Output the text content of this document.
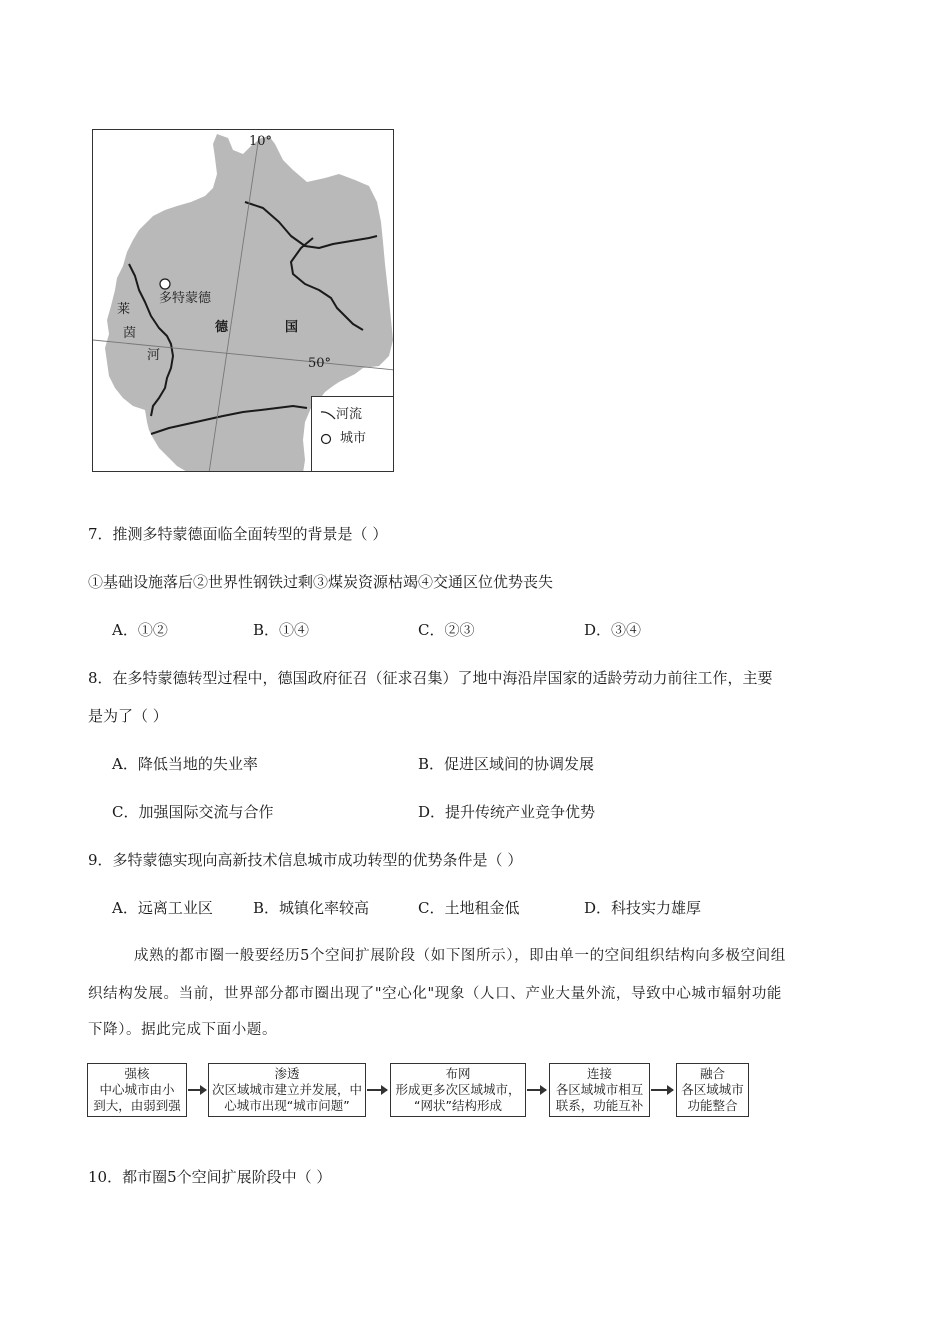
10°
50°
多特蒙德
莱
茵
河
德	国
河流
城市
7．推测多特蒙德面临全面转型的背景是（ ）
①基础设施落后②世界性钢铁过剩③煤炭资源枯竭④交通区位优势丧失
A．①②	B．①④	C．②③	D．③④
8．在多特蒙德转型过程中，德国政府征召（征求召集）了地中海沿岸国家的适龄劳动力前往工作，主要
是为了（ ）
A．降低当地的失业率	B．促进区域间的协调发展
C．加强国际交流与合作	D．提升传统产业竞争优势
9．多特蒙德实现向高新技术信息城市成功转型的优势条件是（ ）
A．远离工业区	B．城镇化率较高	C．土地租金低	D．科技实力雄厚
成熟的都市圈一般要经历5个空间扩展阶段（如下图所示），即由单一的空间组织结构向多极空间组
织结构发展。当前，世界部分都市圈出现了"空心化"现象（人口、产业大量外流，导致中心城市辐射功能
下降）。据此完成下面小题。
强核
中心城市由小
到大，由弱到强
渗透
次区域城市建立并发展，中
心城市出现“城市问题”
布网
形成更多次区域城市，
“网状”结构形成
连接
各区域城市相互
联系，功能互补
融合
各区域城市
功能整合
10．都市圈5个空间扩展阶段中（ ）
